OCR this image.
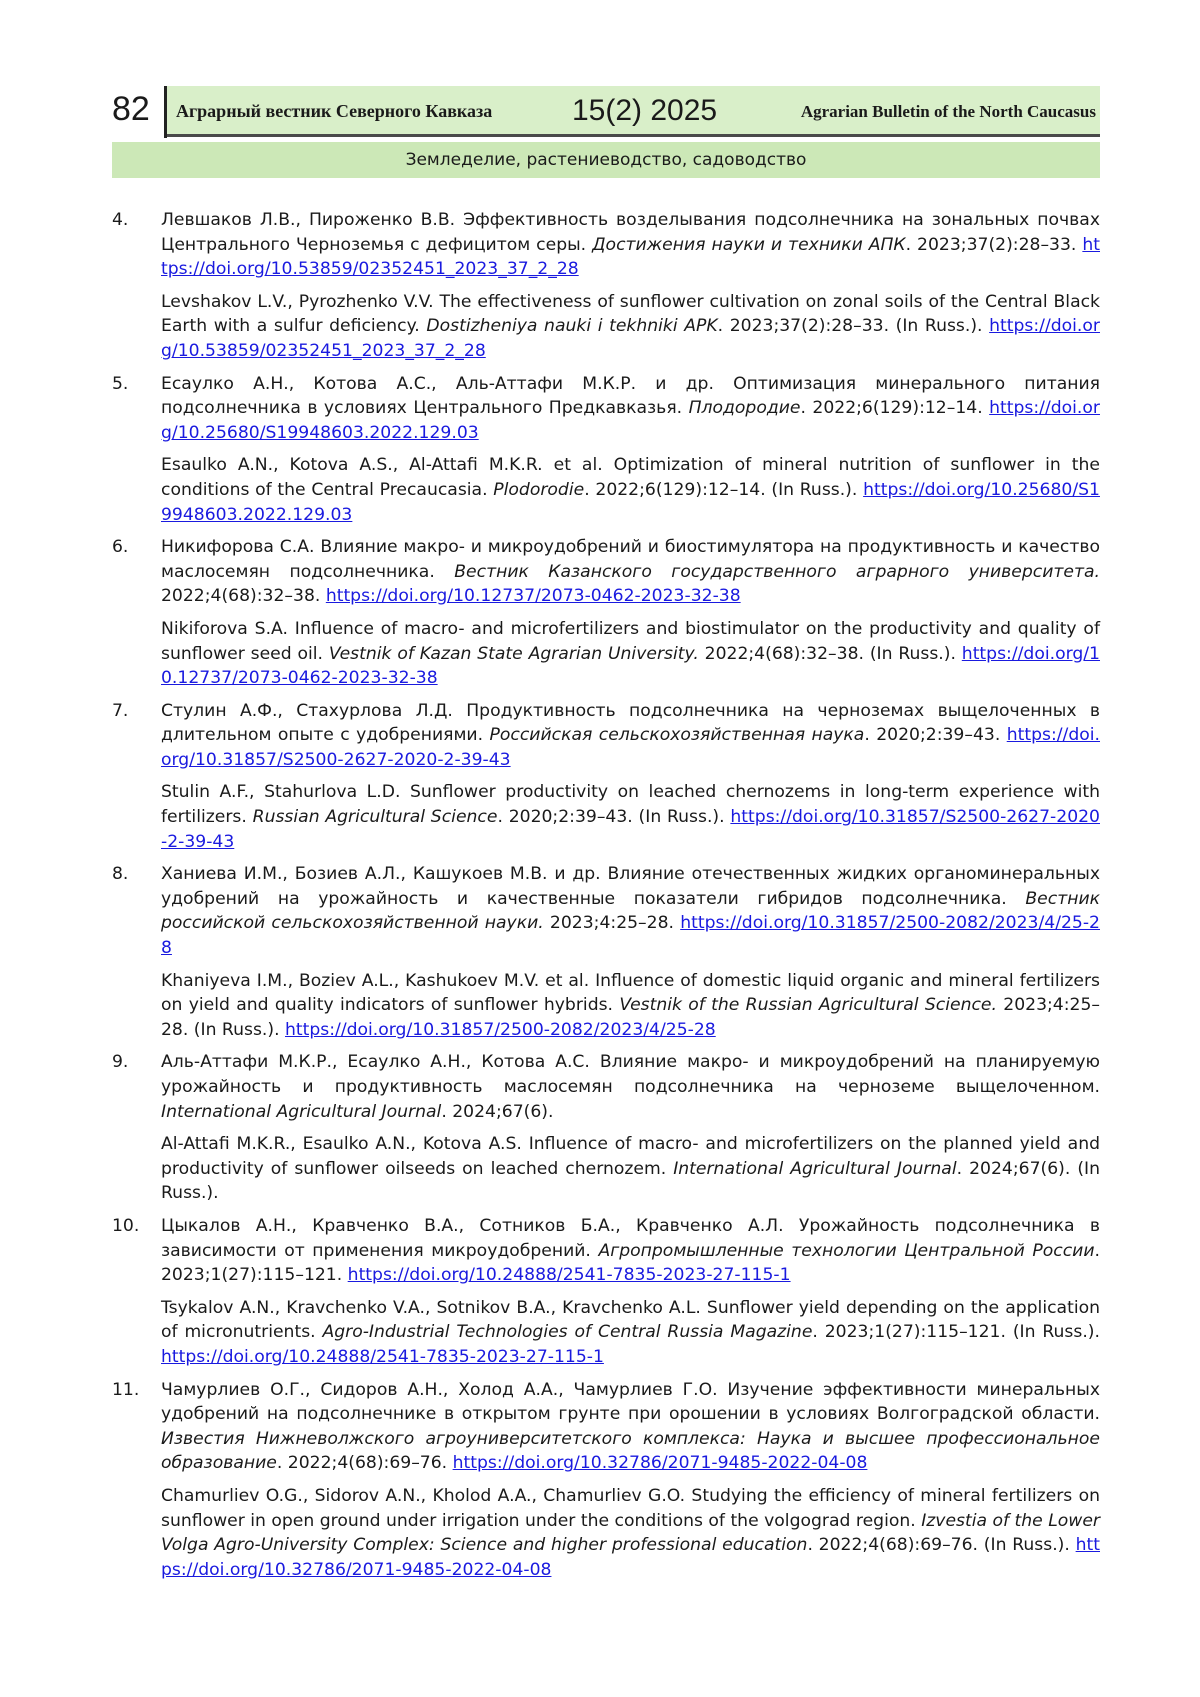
82	Аграрный вестник Северного Кавказа	15(2) 2025	Agrarian Bulletin of the North Caucasus
Земледелие, растениеводство, садоводство
4.	Левшаков Л.В., Пироженко В.В. Эффективность возделывания подсолнечника на зональных почвах Центрального Черноземья с дефицитом серы. Достижения науки и техники АПК. 2023;37(2):28–33. https://doi.org/10.53859/02352451_2023_37_2_28

Levshakov L.V., Pyrozhenko V.V. The effectiveness of sunflower cultivation on zonal soils of the Central Black Earth with a sulfur deficiency. Dostizheniya nauki i tekhniki APK. 2023;37(2):28–33. (In Russ.). https://doi.org/10.53859/02352451_2023_37_2_28

5.	Есаулко А.Н., Котова А.С., Аль-Аттафи М.К.Р. и др. Оптимизация минерального питания подсолнечника в условиях Центрального Предкавказья. Плодородие. 2022;6(129):12–14. https://doi.org/10.25680/S19948603.2022.129.03

Esaulko A.N., Kotova A.S., Al-Attafi M.K.R. et al. Optimization of mineral nutrition of sunflower in the conditions of the Central Precaucasia. Plodorodie. 2022;6(129):12–14. (In Russ.). https://doi.org/10.25680/S19948603.2022.129.03

6.	Никифорова С.А. Влияние макро- и микроудобрений и биостимулятора на продуктивность и качество маслосемян подсолнечника. Вестник Казанского государственного аграрного университета. 2022;4(68):32–38. https://doi.org/10.12737/2073-0462-2023-32-38

Nikiforova S.A. Influence of macro- and microfertilizers and biostimulator on the productivity and quality of sunflower seed oil. Vestnik of Kazan State Agrarian University. 2022;4(68):32–38. (In Russ.). https://doi.org/10.12737/2073-0462-2023-32-38

7.	Стулин А.Ф., Стахурлова Л.Д. Продуктивность подсолнечника на черноземах выщелоченных в длительном опыте с удобрениями. Российская сельскохозяйственная наука. 2020;2:39–43. https://doi.org/10.31857/S2500-2627-2020-2-39-43

Stulin A.F., Stahurlova L.D. Sunflower productivity on leached chernozems in long-term experience with fertilizers. Russian Agricultural Science. 2020;2:39–43. (In Russ.). https://doi.org/10.31857/S2500-2627-2020-2-39-43

8.	Ханиева И.М., Бозиев А.Л., Кашукоев М.В. и др. Влияние отечественных жидких органоминеральных удобрений на урожайность и качественные показатели гибридов подсолнечника. Вестник российской сельскохозяйственной науки. 2023;4:25–28. https://doi.org/10.31857/2500-2082/2023/4/25-28

Khaniyeva I.M., Boziev A.L., Kashukoev M.V. et al. Influence of domestic liquid organic and mineral fertilizers on yield and quality indicators of sunflower hybrids. Vestnik of the Russian Agricultural Science. 2023;4:25–28. (In Russ.). https://doi.org/10.31857/2500-2082/2023/4/25-28

9.	Аль-Аттафи М.К.Р., Есаулко А.Н., Котова А.С. Влияние макро- и микроудобрений на планируемую урожайность и продуктивность маслосемян подсолнечника на черноземе выщелоченном. International Agricultural Journal. 2024;67(6).

Al-Attafi M.K.R., Esaulko A.N., Kotova A.S. Influence of macro- and microfertilizers on the planned yield and productivity of sunflower oilseeds on leached chernozem. International Agricultural Journal. 2024;67(6). (In Russ.).

10.	Цыкалов А.Н., Кравченко В.А., Сотников Б.А., Кравченко А.Л. Урожайность подсолнечника в зависимости от применения микроудобрений. Агропромышленные технологии Центральной России. 2023;1(27):115–121. https://doi.org/10.24888/2541-7835-2023-27-115-1

Tsykalov A.N., Kravchenko V.A., Sotnikov B.A., Kravchenko A.L. Sunflower yield depending on the application of micronutrients. Agro-Industrial Technologies of Central Russia Magazine. 2023;1(27):115–121. (In Russ.). https://doi.org/10.24888/2541-7835-2023-27-115-1

11.	Чамурлиев О.Г., Сидоров А.Н., Холод А.А., Чамурлиев Г.О. Изучение эффективности минеральных удобрений на подсолнечнике в открытом грунте при орошении в условиях Волгоградской области. Известия Нижневолжского агроуниверситетского комплекса: Наука и высшее профессиональное образование. 2022;4(68):69–76. https://doi.org/10.32786/2071-9485-2022-04-08

Chamurliev O.G., Sidorov A.N., Kholod A.A., Chamurliev G.O. Studying the efficiency of mineral fertilizers on sunflower in open ground under irrigation under the conditions of the volgograd region. Izvestia of the Lower Volga Agro-University Complex: Science and higher professional education. 2022;4(68):69–76. (In Russ.). https://doi.org/10.32786/2071-9485-2022-04-08
